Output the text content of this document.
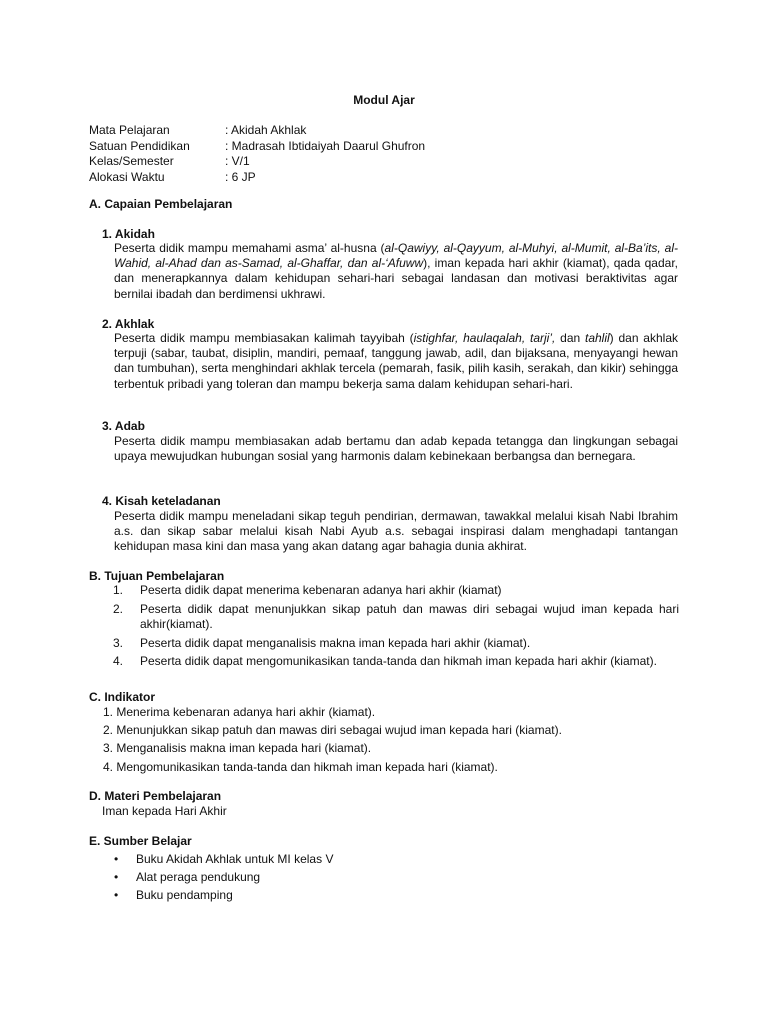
Modul Ajar
Mata Pelajaran	: Akidah Akhlak
Satuan Pendidikan	: Madrasah Ibtidaiyah Daarul Ghufron
Kelas/Semester	: V/1
Alokasi Waktu	: 6 JP
A. Capaian Pembelajaran
1. Akidah
Peserta didik mampu memahami asma’ al-husna (al-Qawiyy, al-Qayyum, al-Muhyi, al-Mumit, al-Ba’its, al-Wahid, al-Ahad dan as-Samad, al-Ghaffar, dan al-‘Afuww), iman kepada hari akhir (kiamat), qada qadar, dan menerapkannya dalam kehidupan sehari-hari sebagai landasan dan motivasi beraktivitas agar bernilai ibadah dan berdimensi ukhrawi.
2. Akhlak
Peserta didik mampu membiasakan kalimah tayyibah (istighfar, haulaqalah, tarji’, dan tahlil) dan akhlak terpuji (sabar, taubat, disiplin, mandiri, pemaaf, tanggung jawab, adil, dan bijaksana, menyayangi hewan dan tumbuhan), serta menghindari akhlak tercela (pemarah, fasik, pilih kasih, serakah, dan kikir) sehingga terbentuk pribadi yang toleran dan mampu bekerja sama dalam kehidupan sehari-hari.
3. Adab
Peserta didik mampu membiasakan adab bertamu dan adab kepada tetangga dan lingkungan sebagai upaya mewujudkan hubungan sosial yang harmonis dalam kebinekaan berbangsa dan bernegara.
4. Kisah keteladanan
Peserta didik mampu meneladani sikap teguh pendirian, dermawan, tawakkal melalui kisah Nabi Ibrahim a.s. dan sikap sabar melalui kisah Nabi Ayub a.s. sebagai inspirasi dalam menghadapi tantangan kehidupan masa kini dan masa yang akan datang agar bahagia dunia akhirat.
B. Tujuan Pembelajaran
1. Peserta didik dapat menerima kebenaran adanya hari akhir (kiamat)
2. Peserta didik dapat menunjukkan sikap patuh dan mawas diri sebagai wujud iman kepada hari akhir(kiamat).
3. Peserta didik dapat menganalisis makna iman kepada hari akhir (kiamat).
4. Peserta didik dapat mengomunikasikan tanda-tanda dan hikmah iman kepada hari akhir (kiamat).
C. Indikator
1. Menerima kebenaran adanya hari akhir (kiamat).
2. Menunjukkan sikap patuh dan mawas diri sebagai wujud iman kepada hari (kiamat).
3. Menganalisis makna iman kepada hari (kiamat).
4. Mengomunikasikan tanda-tanda dan hikmah iman kepada hari (kiamat).
D. Materi Pembelajaran
Iman kepada Hari Akhir
E. Sumber Belajar
• Buku Akidah Akhlak untuk MI kelas V
• Alat peraga pendukung
• Buku pendamping
